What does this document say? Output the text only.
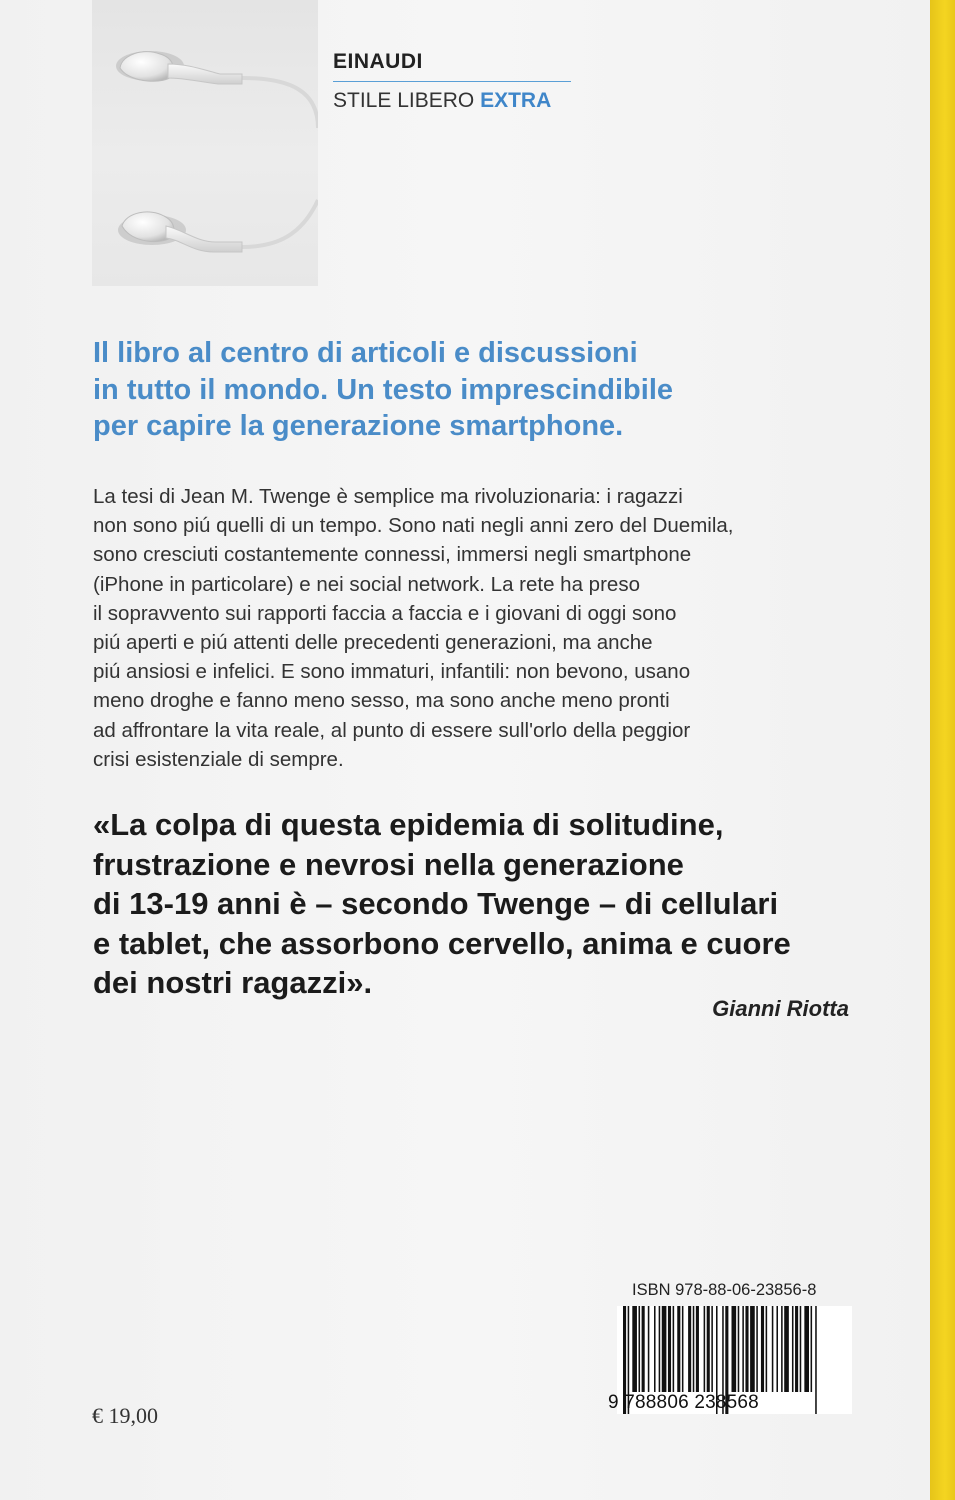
EINAUDI
STILE LIBERO EXTRA
Il libro al centro di articoli e discussioni
in tutto il mondo. Un testo imprescindibile
per capire la generazione smartphone.
La tesi di Jean M. Twenge è semplice ma rivoluzionaria: i ragazzi
non sono piú quelli di un tempo. Sono nati negli anni zero del Duemila,
sono cresciuti costantemente connessi, immersi negli smartphone
(iPhone in particolare) e nei social network. La rete ha preso
il sopravvento sui rapporti faccia a faccia e i giovani di oggi sono
piú aperti e piú attenti delle precedenti generazioni, ma anche
piú ansiosi e infelici. E sono immaturi, infantili: non bevono, usano
meno droghe e fanno meno sesso, ma sono anche meno pronti
ad affrontare la vita reale, al punto di essere sull'orlo della peggior
crisi esistenziale di sempre.
«La colpa di questa epidemia di solitudine,
frustrazione e nevrosi nella generazione
di 13-19 anni è – secondo Twenge – di cellulari
e tablet, che assorbono cervello, anima e cuore
dei nostri ragazzi».
Gianni Riotta
ISBN 978-88-06-23856-8
9 788806 238568
€ 19,00
